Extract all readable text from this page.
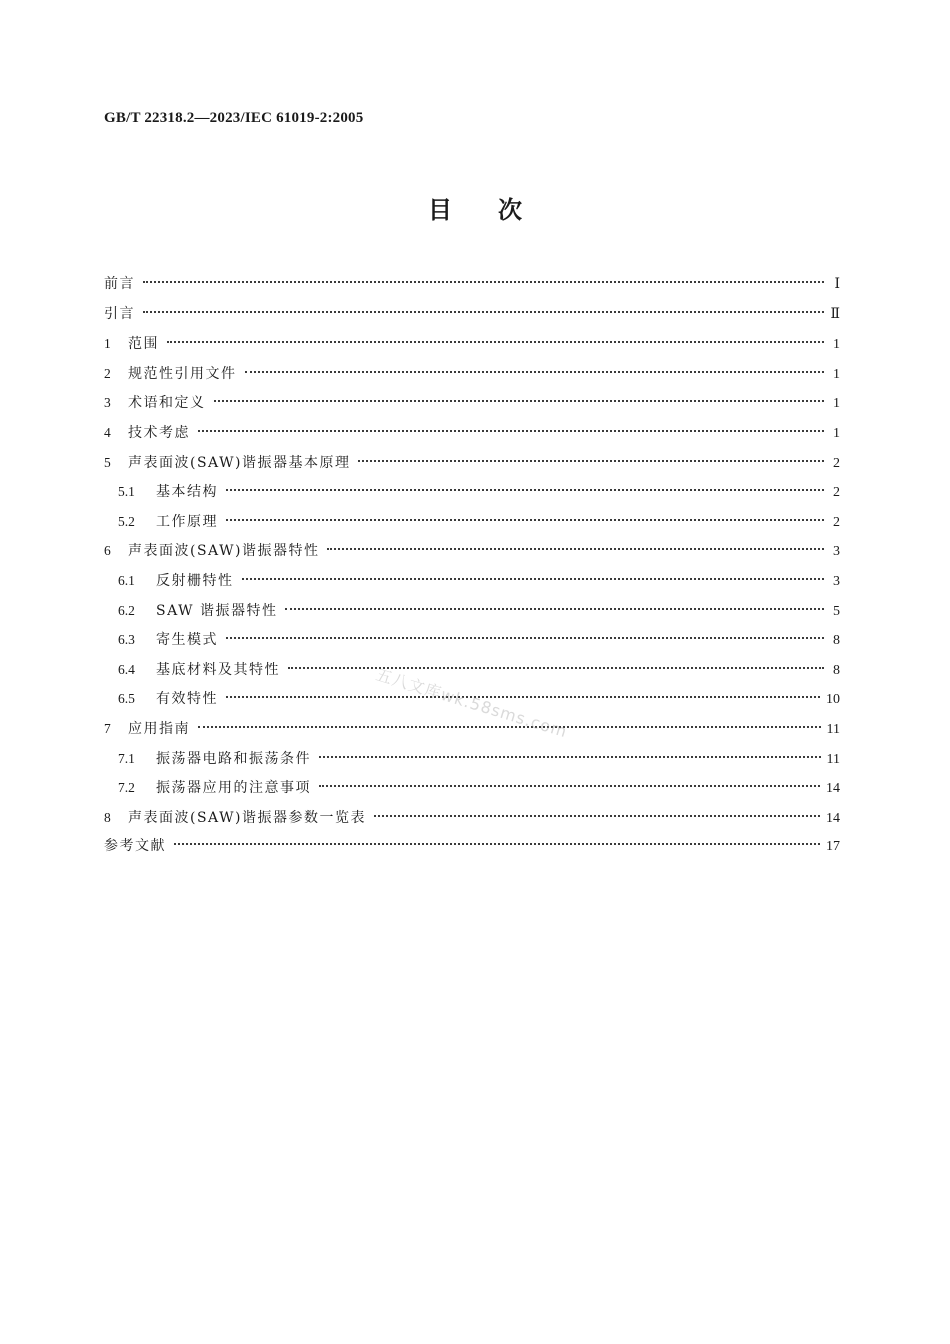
GB/T 22318.2—2023/IEC 61019-2:2005
目次
前言	Ⅰ
引言	Ⅱ
1	范围	1
2	规范性引用文件	1
3	术语和定义	1
4	技术考虑	1
5	声表面波(SAW)谐振器基本原理	2
5.1	基本结构	2
5.2	工作原理	2
6	声表面波(SAW)谐振器特性	3
6.1	反射栅特性	3
6.2	SAW 谐振器特性	5
6.3	寄生模式	8
6.4	基底材料及其特性	8
6.5	有效特性	10
7	应用指南	11
7.1	振荡器电路和振荡条件	11
7.2	振荡器应用的注意事项	14
8	声表面波(SAW)谐振器参数一览表	14
参考文献	17
五八文库wk.58sms.com
